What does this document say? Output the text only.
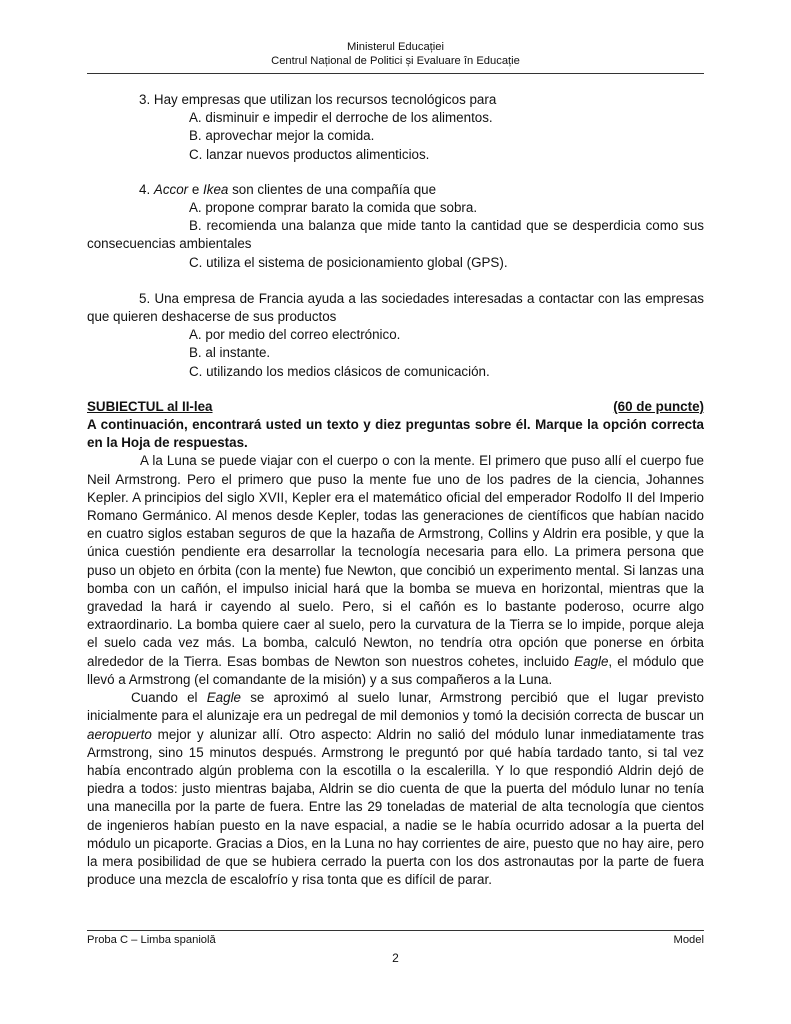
Ministerul Educației
Centrul Național de Politici și Evaluare în Educație

3. Hay empresas que utilizan los recursos tecnológicos para

A. disminuir e impedir el derroche de los alimentos.

B. aprovechar mejor la comida.

C. lanzar nuevos productos alimenticios.

4. Accor e Ikea son clientes de una compañía que

A. propone comprar barato la comida que sobra.

B. recomienda una balanza que mide tanto la cantidad que se desperdicia como sus consecuencias ambientales

C. utiliza el sistema de posicionamiento global (GPS).

5. Una empresa de Francia ayuda a las sociedades interesadas a contactar con las empresas que quieren deshacerse de sus productos

A. por medio del correo electrónico.

B. al instante.

C. utilizando los medios clásicos de comunicación.

SUBIECTUL al II-lea	(60 de puncte)

A continuación, encontrará usted un texto y diez preguntas sobre él. Marque la opción correcta en la Hoja de respuestas.

A la Luna se puede viajar con el cuerpo o con la mente. El primero que puso allí el cuerpo fue Neil Armstrong. Pero el primero que puso la mente fue uno de los padres de la ciencia, Johannes Kepler. A principios del siglo XVII, Kepler era el matemático oficial del emperador Rodolfo II del Imperio Romano Germánico. Al menos desde Kepler, todas las generaciones de científicos que habían nacido en cuatro siglos estaban seguros de que la hazaña de Armstrong, Collins y Aldrin era posible, y que la única cuestión pendiente era desarrollar la tecnología necesaria para ello. La primera persona que puso un objeto en órbita (con la mente) fue Newton, que concibió un experimento mental. Si lanzas una bomba con un cañón, el impulso inicial hará que la bomba se mueva en horizontal, mientras que la gravedad la hará ir cayendo al suelo. Pero, si el cañón es lo bastante poderoso, ocurre algo extraordinario. La bomba quiere caer al suelo, pero la curvatura de la Tierra se lo impide, porque aleja el suelo cada vez más. La bomba, calculó Newton, no tendría otra opción que ponerse en órbita alrededor de la Tierra. Esas bombas de Newton son nuestros cohetes, incluido Eagle, el módulo que llevó a Armstrong (el comandante de la misión) y a sus compañeros a la Luna.

Cuando el Eagle se aproximó al suelo lunar, Armstrong percibió que el lugar previsto inicialmente para el alunizaje era un pedregal de mil demonios y tomó la decisión correcta de buscar un aeropuerto mejor y alunizar allí. Otro aspecto: Aldrin no salió del módulo lunar inmediatamente tras Armstrong, sino 15 minutos después. Armstrong le preguntó por qué había tardado tanto, si tal vez había encontrado algún problema con la escotilla o la escalerilla. Y lo que respondió Aldrin dejó de piedra a todos: justo mientras bajaba, Aldrin se dio cuenta de que la puerta del módulo lunar no tenía una manecilla por la parte de fuera. Entre las 29 toneladas de material de alta tecnología que cientos de ingenieros habían puesto en la nave espacial, a nadie se le había ocurrido adosar a la puerta del módulo un picaporte. Gracias a Dios, en la Luna no hay corrientes de aire, puesto que no hay aire, pero la mera posibilidad de que se hubiera cerrado la puerta con los dos astronautas por la parte de fuera produce una mezcla de escalofrío y risa tonta que es difícil de parar.

Proba C – Limba spaniolă	Model
2
